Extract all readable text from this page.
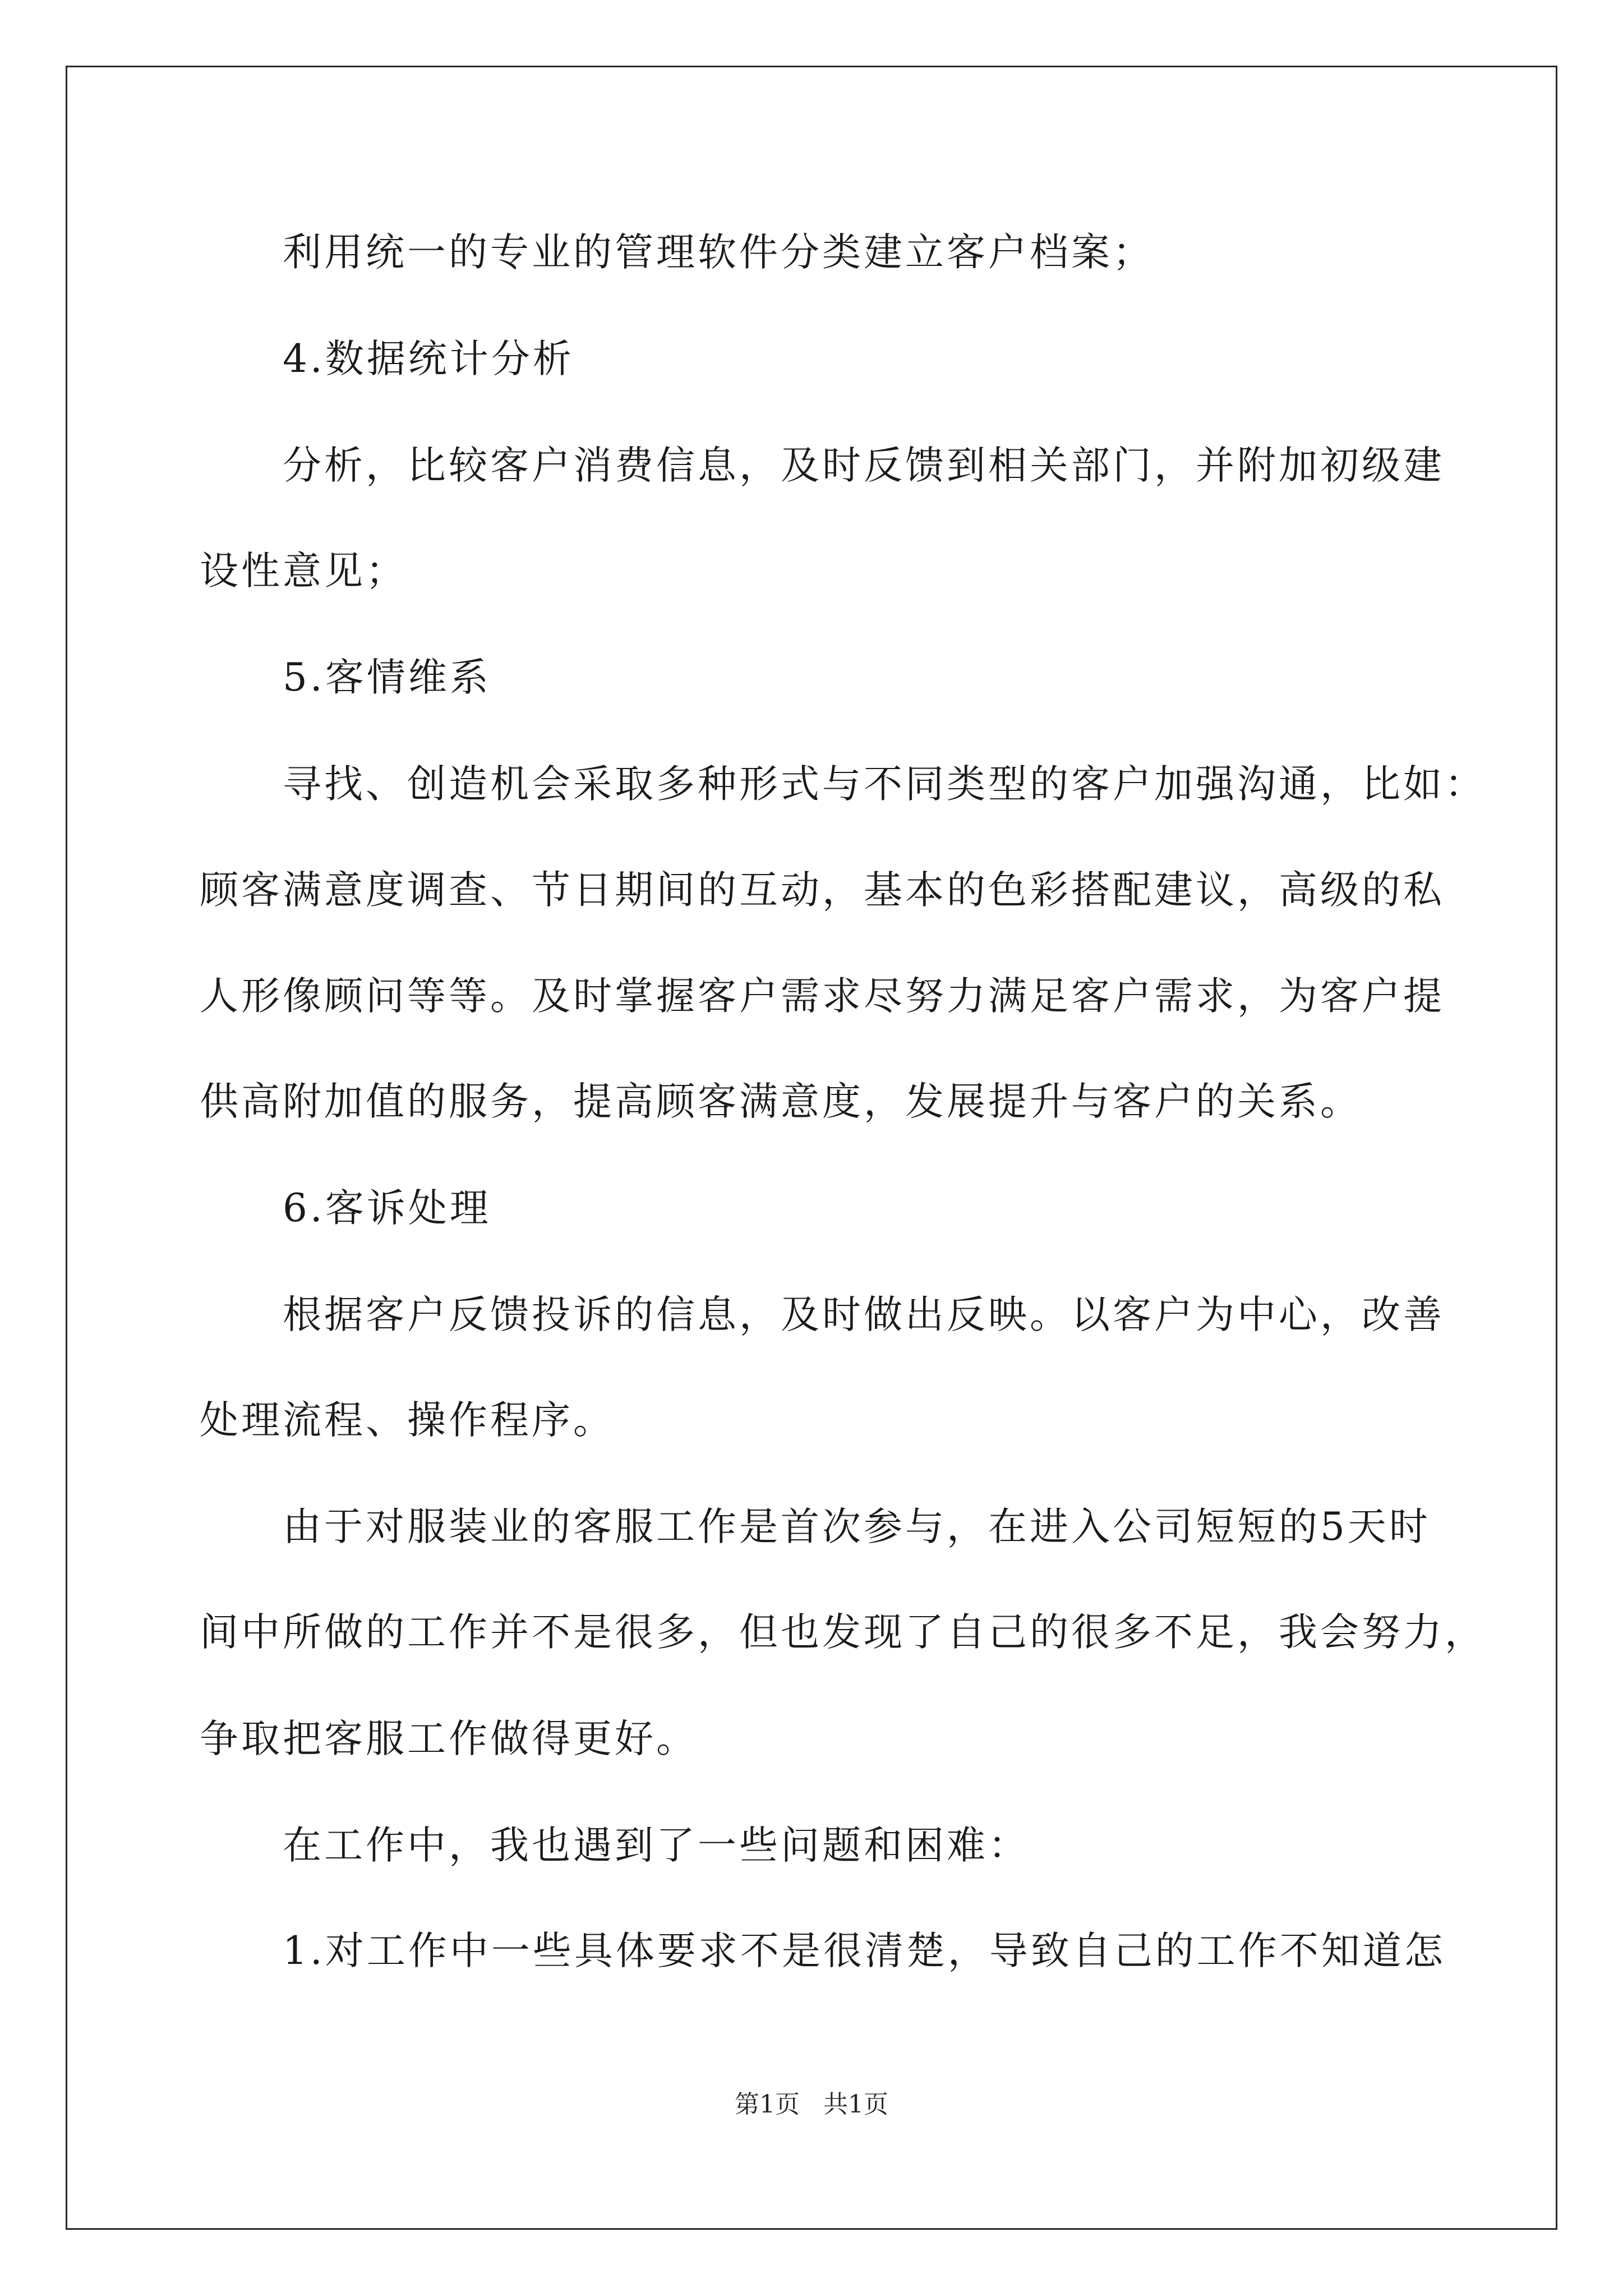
利用统一的专业的管理软件分类建立客户档案；
4.数据统计分析
分析，比较客户消费信息，及时反馈到相关部门，并附加初级建
设性意见；
5.客情维系
寻找、创造机会采取多种形式与不同类型的客户加强沟通，比如：
顾客满意度调查、节日期间的互动，基本的色彩搭配建议，高级的私
人形像顾问等等。及时掌握客户需求尽努力满足客户需求，为客户提
供高附加值的服务，提高顾客满意度，发展提升与客户的关系。
6.客诉处理
根据客户反馈投诉的信息，及时做出反映。以客户为中心，改善
处理流程、操作程序。
由于对服装业的客服工作是首次参与，在进入公司短短的5天时
间中所做的工作并不是很多，但也发现了自己的很多不足，我会努力，
争取把客服工作做得更好。
在工作中，我也遇到了一些问题和困难：
1.对工作中一些具体要求不是很清楚，导致自己的工作不知道怎
第1页   共1页
